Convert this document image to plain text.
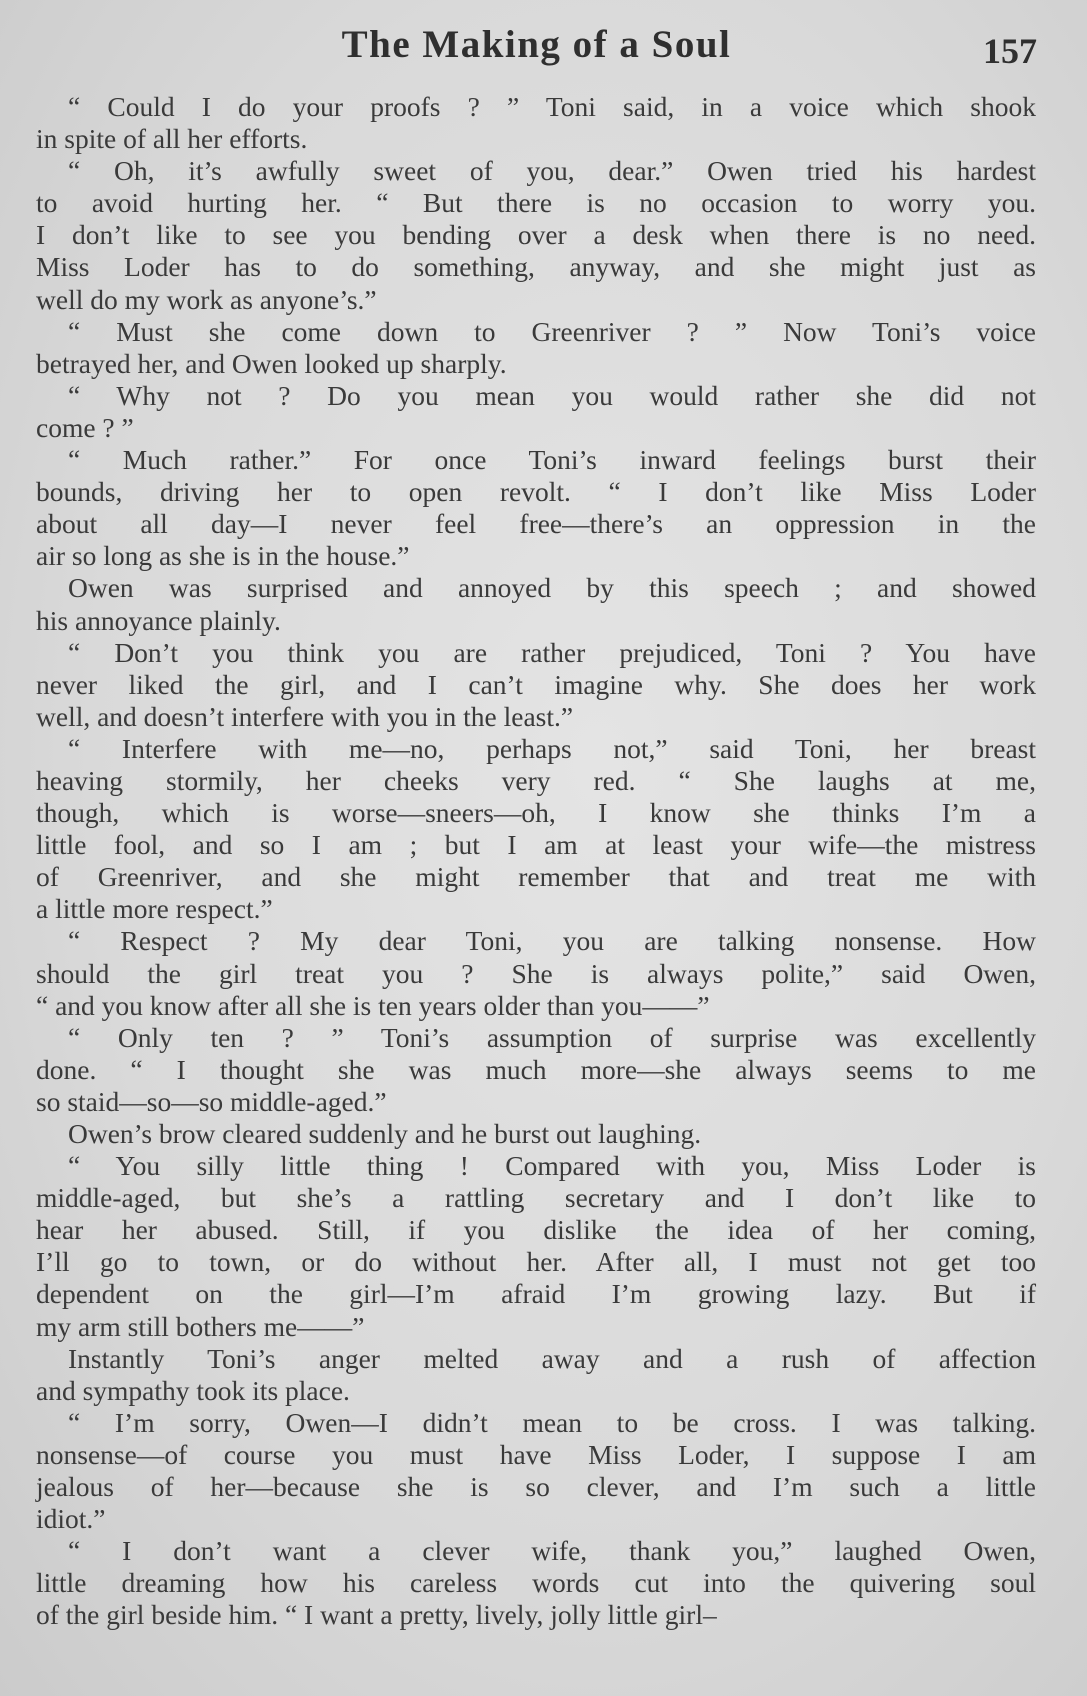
The Making of a Soul	157
“ Could I do your proofs ? ” Toni said, in a voice which shook
in spite of all her efforts.
“ Oh, it’s awfully sweet of you, dear.” Owen tried his hardest
to avoid hurting her. “ But there is no occasion to worry you.
I don’t like to see you bending over a desk when there is no need.
Miss Loder has to do something, anyway, and she might just as
well do my work as anyone’s.”
“ Must she come down to Greenriver ? ” Now Toni’s voice
betrayed her, and Owen looked up sharply.
“ Why not ? Do you mean you would rather she did not
come ? ”
“ Much rather.” For once Toni’s inward feelings burst their
bounds, driving her to open revolt. “ I don’t like Miss Loder
about all day—I never feel free—there’s an oppression in the
air so long as she is in the house.”
Owen was surprised and annoyed by this speech ; and showed
his annoyance plainly.
“ Don’t you think you are rather prejudiced, Toni ? You have
never liked the girl, and I can’t imagine why. She does her work
well, and doesn’t interfere with you in the least.”
“ Interfere with me—no, perhaps not,” said Toni, her breast
heaving stormily, her cheeks very red. “ She laughs at me,
though, which is worse—sneers—oh, I know she thinks I’m a
little fool, and so I am ; but I am at least your wife—the mistress
of Greenriver, and she might remember that and treat me with
a little more respect.”
“ Respect ? My dear Toni, you are talking nonsense. How
should the girl treat you ? She is always polite,” said Owen,
“ and you know after all she is ten years older than you——”
“ Only ten ? ” Toni’s assumption of surprise was excellently
done. “ I thought she was much more—she always seems to me
so staid—so—so middle-aged.”
Owen’s brow cleared suddenly and he burst out laughing.
“ You silly little thing ! Compared with you, Miss Loder is
middle-aged, but she’s a rattling secretary and I don’t like to
hear her abused. Still, if you dislike the idea of her coming,
I’ll go to town, or do without her. After all, I must not get too
dependent on the girl—I’m afraid I’m growing lazy. But if
my arm still bothers me——”
Instantly Toni’s anger melted away and a rush of affection
and sympathy took its place.
“ I’m sorry, Owen—I didn’t mean to be cross. I was talking.
nonsense—of course you must have Miss Loder, I suppose I am
jealous of her—because she is so clever, and I’m such a little
idiot.”
“ I don’t want a clever wife, thank you,” laughed Owen,
little dreaming how his careless words cut into the quivering soul
of the girl beside him. “ I want a pretty, lively, jolly little girl–
